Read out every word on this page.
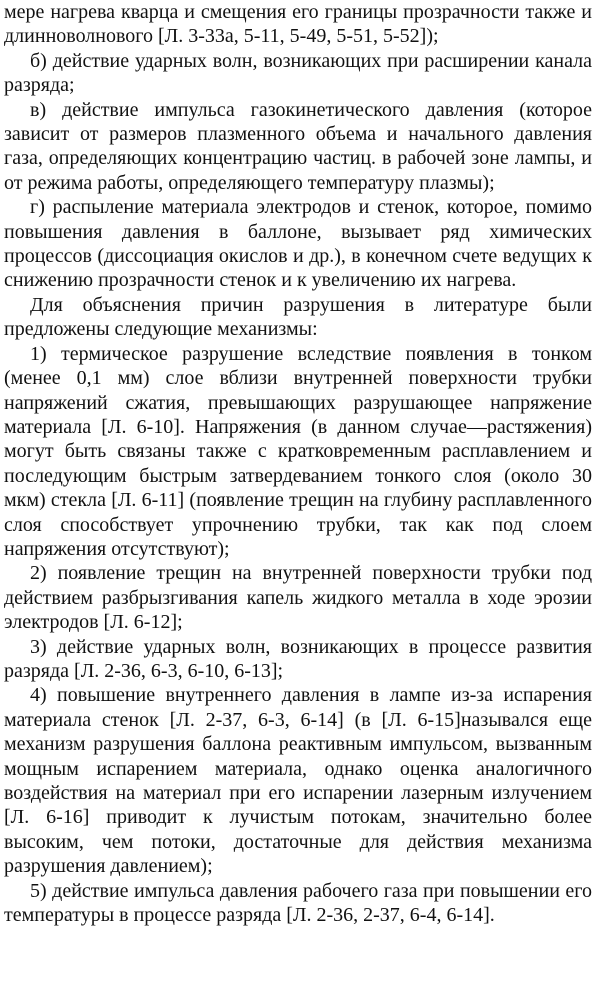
мере нагрева кварца и смещения его границы прозрачности также и длинноволнового [Л. 3-33а, 5-11, 5-49, 5-51, 5-52]);

б) действие ударных волн, возникающих при расширении канала разряда;

в) действие импульса газокинетического давления (которое зависит от размеров плазменного объема и начального давления газа, определяющих концентрацию частиц. в рабочей зоне лампы, и от режима работы, определяющего температуру плазмы);

г) распыление материала электродов и стенок, которое, помимо повышения давления в баллоне, вызывает ряд химических процессов (диссоциация окислов и др.), в конечном счете ведущих к снижению прозрачности стенок и к увеличению их нагрева.

Для объяснения причин разрушения в литературе были предложены следующие механизмы:

1) термическое разрушение вследствие появления в тонком (менее 0,1 мм) слое вблизи внутренней поверхности трубки напряжений сжатия, превышающих разрушающее напряжение материала [Л. 6-10]. Напряжения (в данном случае—растяжения) могут быть связаны также с кратковременным расплавлением и последующим быстрым затвердеванием тонкого слоя (около 30 мкм) стекла [Л. 6-11] (появление трещин на глубину расплавленного слоя способствует упрочнению трубки, так как под слоем напряжения отсутствуют);

2) появление трещин на внутренней поверхности трубки под действием разбрызгивания капель жидкого металла в ходе эрозии электродов [Л. 6-12];

3) действие ударных волн, возникающих в процессе развития разряда [Л. 2-36, 6-3, 6-10, 6-13];

4) повышение внутреннего давления в лампе из-за испарения материала стенок [Л. 2-37, 6-3, 6-14] (в [Л. 6-15]назывался еще механизм разрушения баллона реактивным импульсом, вызванным мощным испарением материала, однако оценка аналогичного воздействия на материал при его испарении лазерным излучением [Л. 6-16] приводит к лучистым потокам, значительно более высоким, чем потоки, достаточные для действия механизма разрушения давлением);

5) действие импульса давления рабочего газа при повышении его температуры в процессе разряда [Л. 2-36, 2-37, 6-4, 6-14].
